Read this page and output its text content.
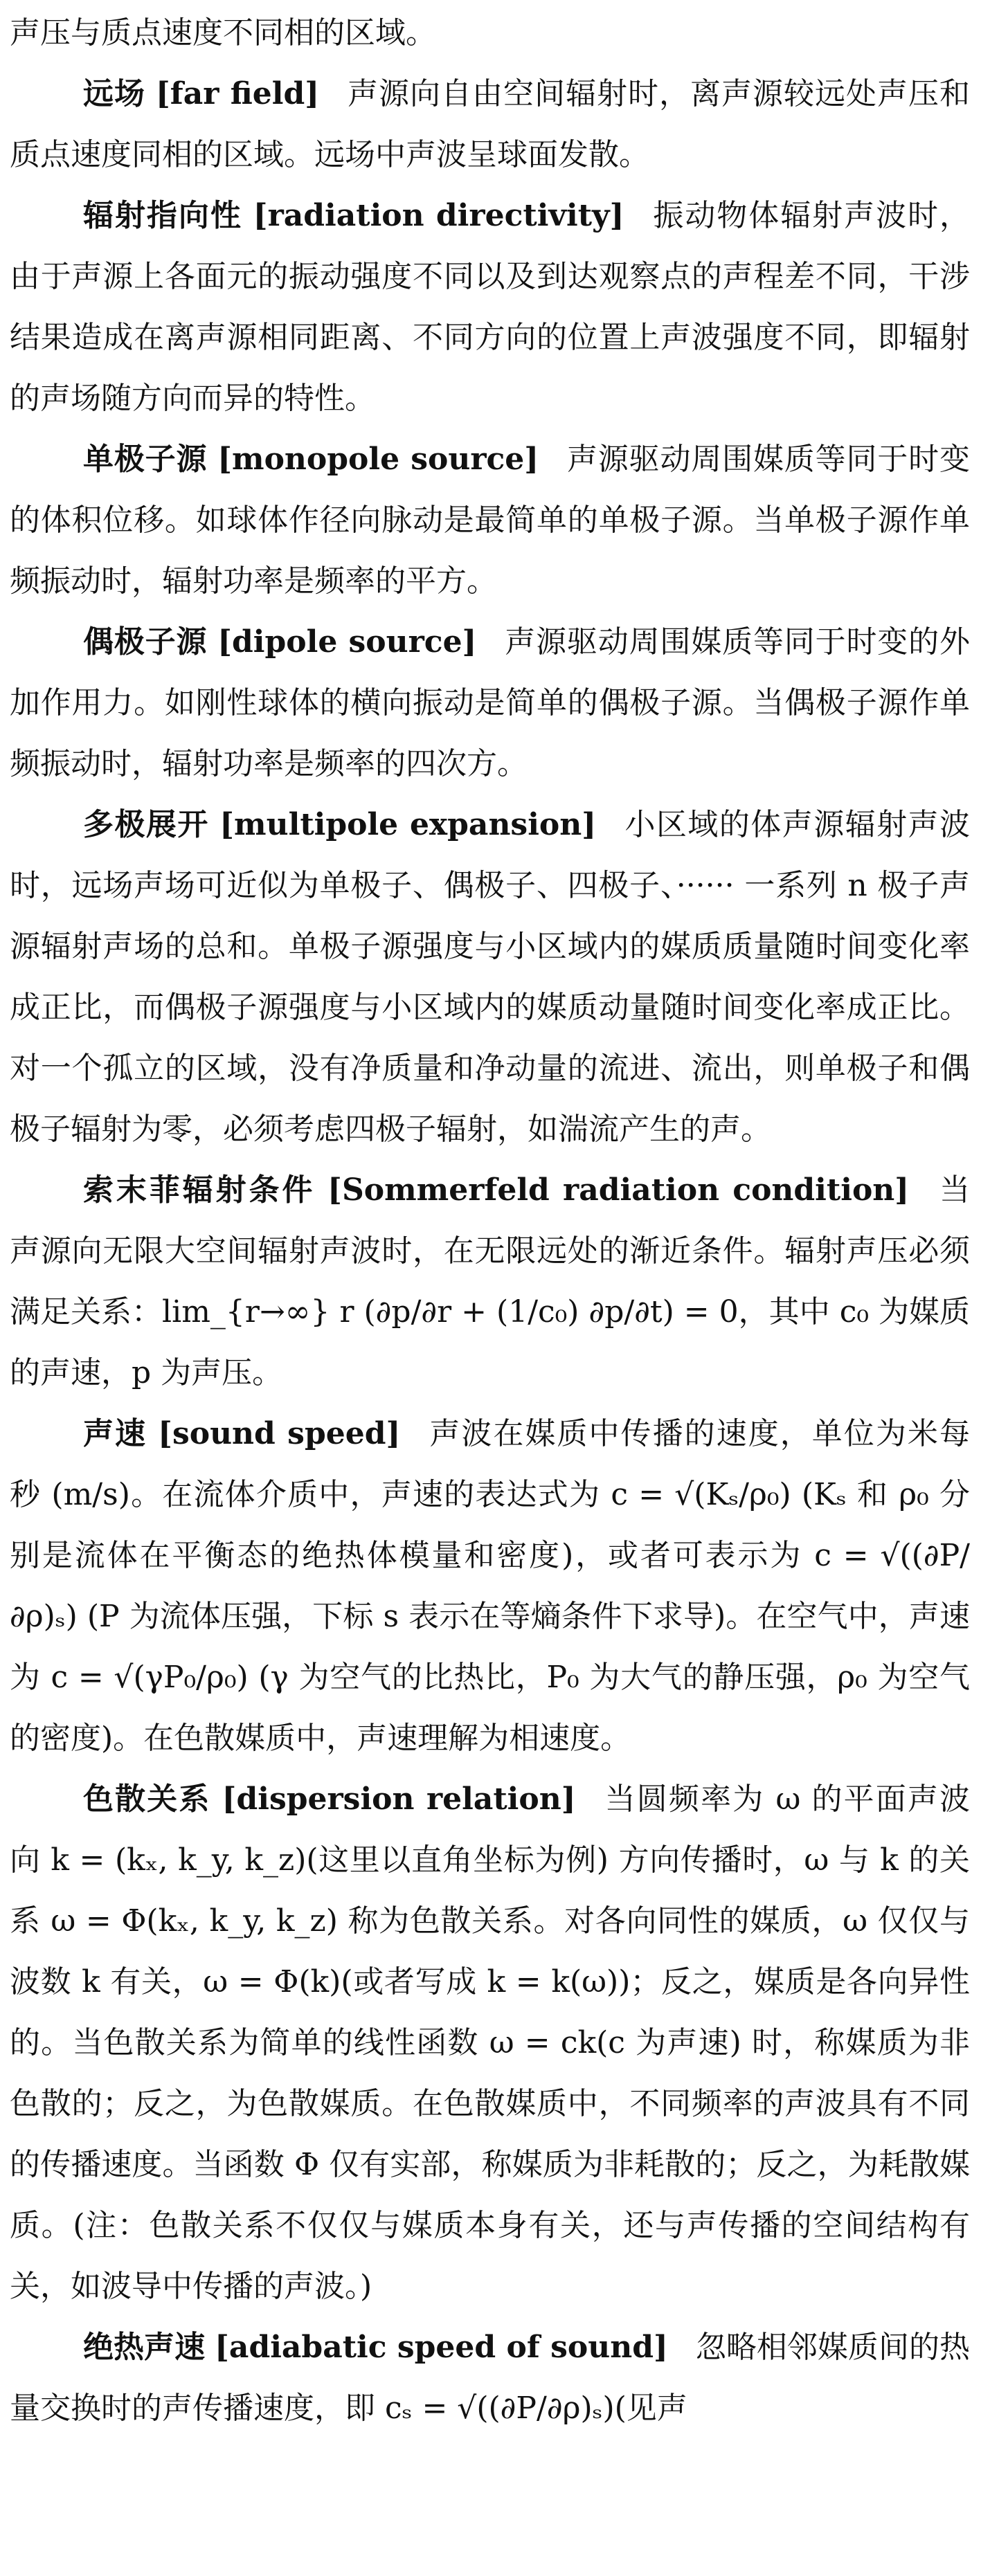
声压与质点速度不同相的区域。

远场 [far field] 声源向自由空间辐射时，离声源较远处声压和质点速度同相的区域。远场中声波呈球面发散。

辐射指向性 [radiation directivity] 振动物体辐射声波时，由于声源上各面元的振动强度不同以及到达观察点的声程差不同，干涉结果造成在离声源相同距离、不同方向的位置上声波强度不同，即辐射的声场随方向而异的特性。

单极子源 [monopole source] 声源驱动周围媒质等同于时变的体积位移。如球体作径向脉动是最简单的单极子源。当单极子源作单频振动时，辐射功率是频率的平方。

偶极子源 [dipole source] 声源驱动周围媒质等同于时变的外加作用力。如刚性球体的横向振动是简单的偶极子源。当偶极子源作单频振动时，辐射功率是频率的四次方。

多极展开 [multipole expansion] 小区域的体声源辐射声波时，远场声场可近似为单极子、偶极子、四极子、······ 一系列 n 极子声源辐射声场的总和。单极子源强度与小区域内的媒质质量随时间变化率成正比，而偶极子源强度与小区域内的媒质动量随时间变化率成正比。对一个孤立的区域，没有净质量和净动量的流进、流出，则单极子和偶极子辐射为零，必须考虑四极子辐射，如湍流产生的声。

索末菲辐射条件 [Sommerfeld radiation condition] 当声源向无限大空间辐射声波时，在无限远处的渐近条件。辐射声压必须满足关系：lim_{r→∞} r (∂p/∂r + (1/c₀) ∂p/∂t) = 0，其中 c₀ 为媒质的声速，p 为声压。

声速 [sound speed] 声波在媒质中传播的速度，单位为米每秒 (m/s)。在流体介质中，声速的表达式为 c = √(Kₛ/ρ₀) (Kₛ 和 ρ₀ 分别是流体在平衡态的绝热体模量和密度)，或者可表示为 c = √((∂P/∂ρ)ₛ) (P 为流体压强，下标 s 表示在等熵条件下求导)。在空气中，声速为 c = √(γP₀/ρ₀) (γ 为空气的比热比，P₀ 为大气的静压强，ρ₀ 为空气的密度)。在色散媒质中，声速理解为相速度。

色散关系 [dispersion relation] 当圆频率为 ω 的平面声波向 k = (kₓ, k_y, k_z)(这里以直角坐标为例) 方向传播时，ω 与 k 的关系 ω = Φ(kₓ, k_y, k_z) 称为色散关系。对各向同性的媒质，ω 仅仅与波数 k 有关，ω = Φ(k)(或者写成 k = k(ω))；反之，媒质是各向异性的。当色散关系为简单的线性函数 ω = ck(c 为声速) 时，称媒质为非色散的；反之，为色散媒质。在色散媒质中，不同频率的声波具有不同的传播速度。当函数 Φ 仅有实部，称媒质为非耗散的；反之，为耗散媒质。(注：色散关系不仅仅与媒质本身有关，还与声传播的空间结构有关，如波导中传播的声波。)

绝热声速 [adiabatic speed of sound] 忽略相邻媒质间的热量交换时的声传播速度，即 cₛ = √((∂P/∂ρ)ₛ)(见声
